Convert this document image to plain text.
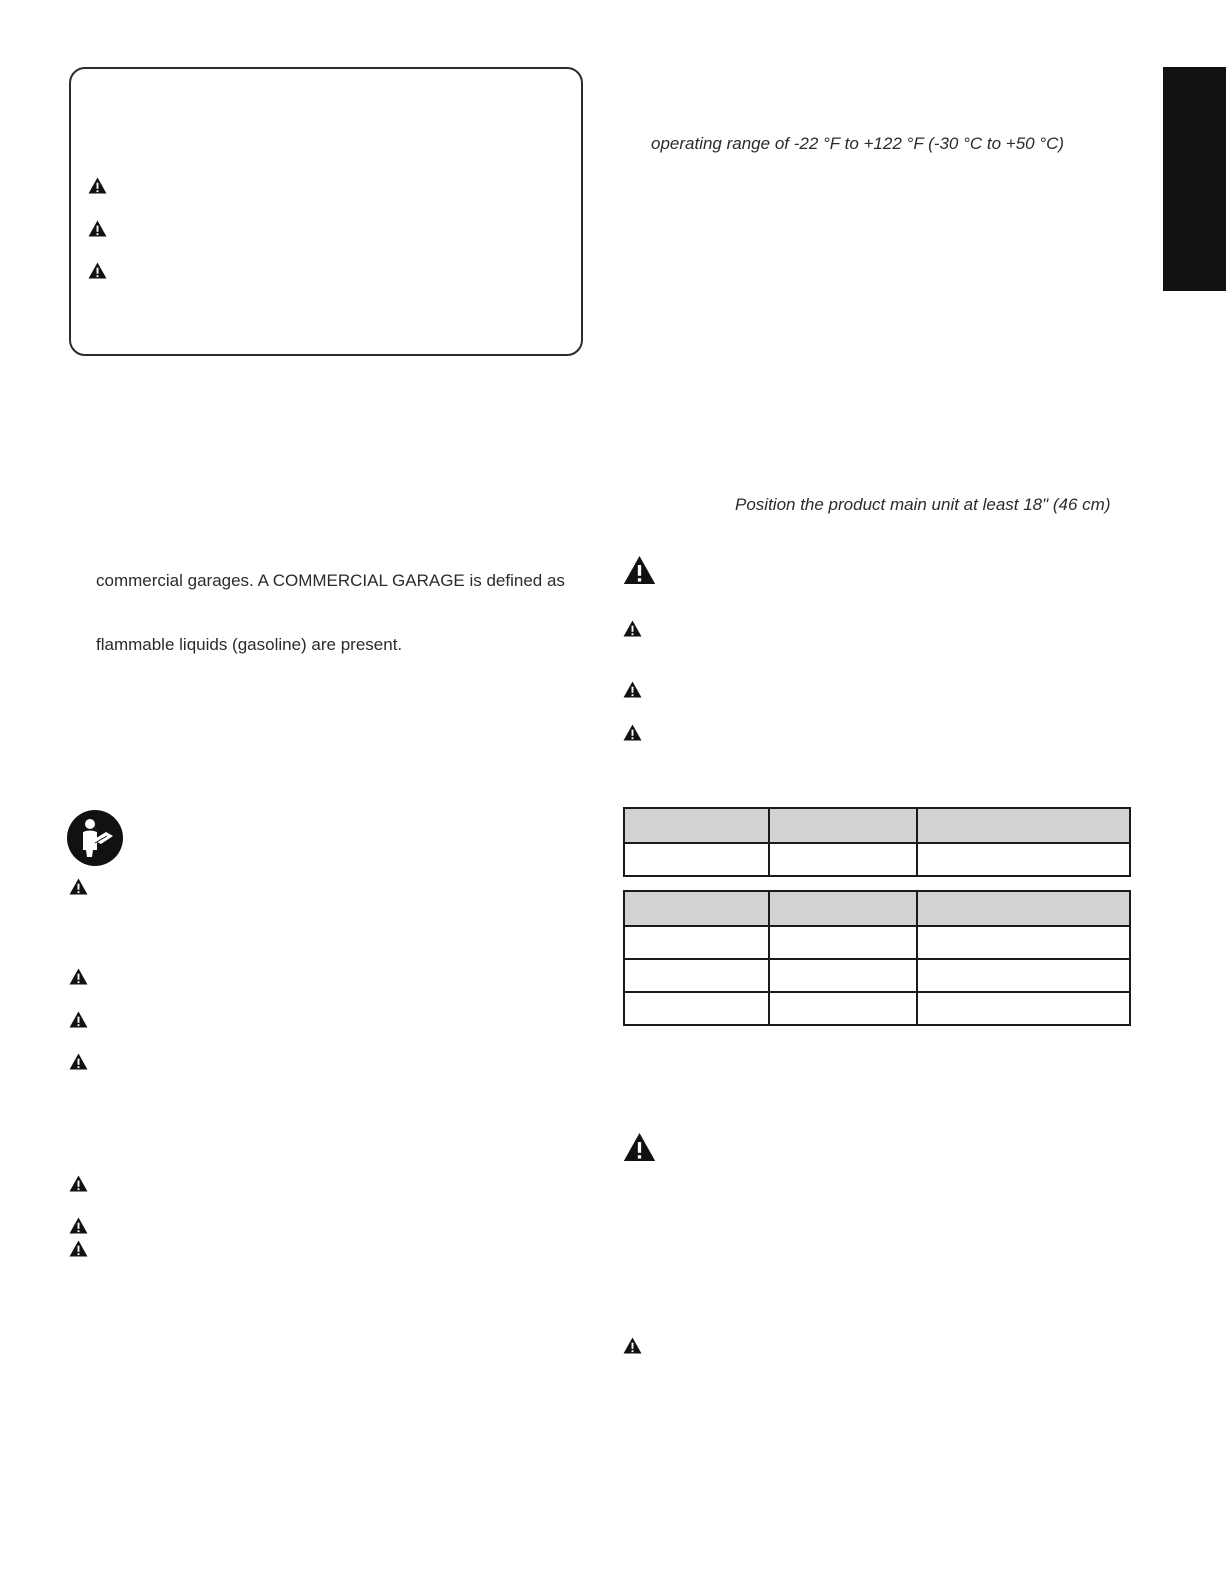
operating range of -22 °F to +122 °F (-30 °C to +50 °C)
Position the product main unit at least 18" (46 cm)
commercial garages. A COMMERCIAL GARAGE is defined as
flammable liquids (gasoline) are present.
